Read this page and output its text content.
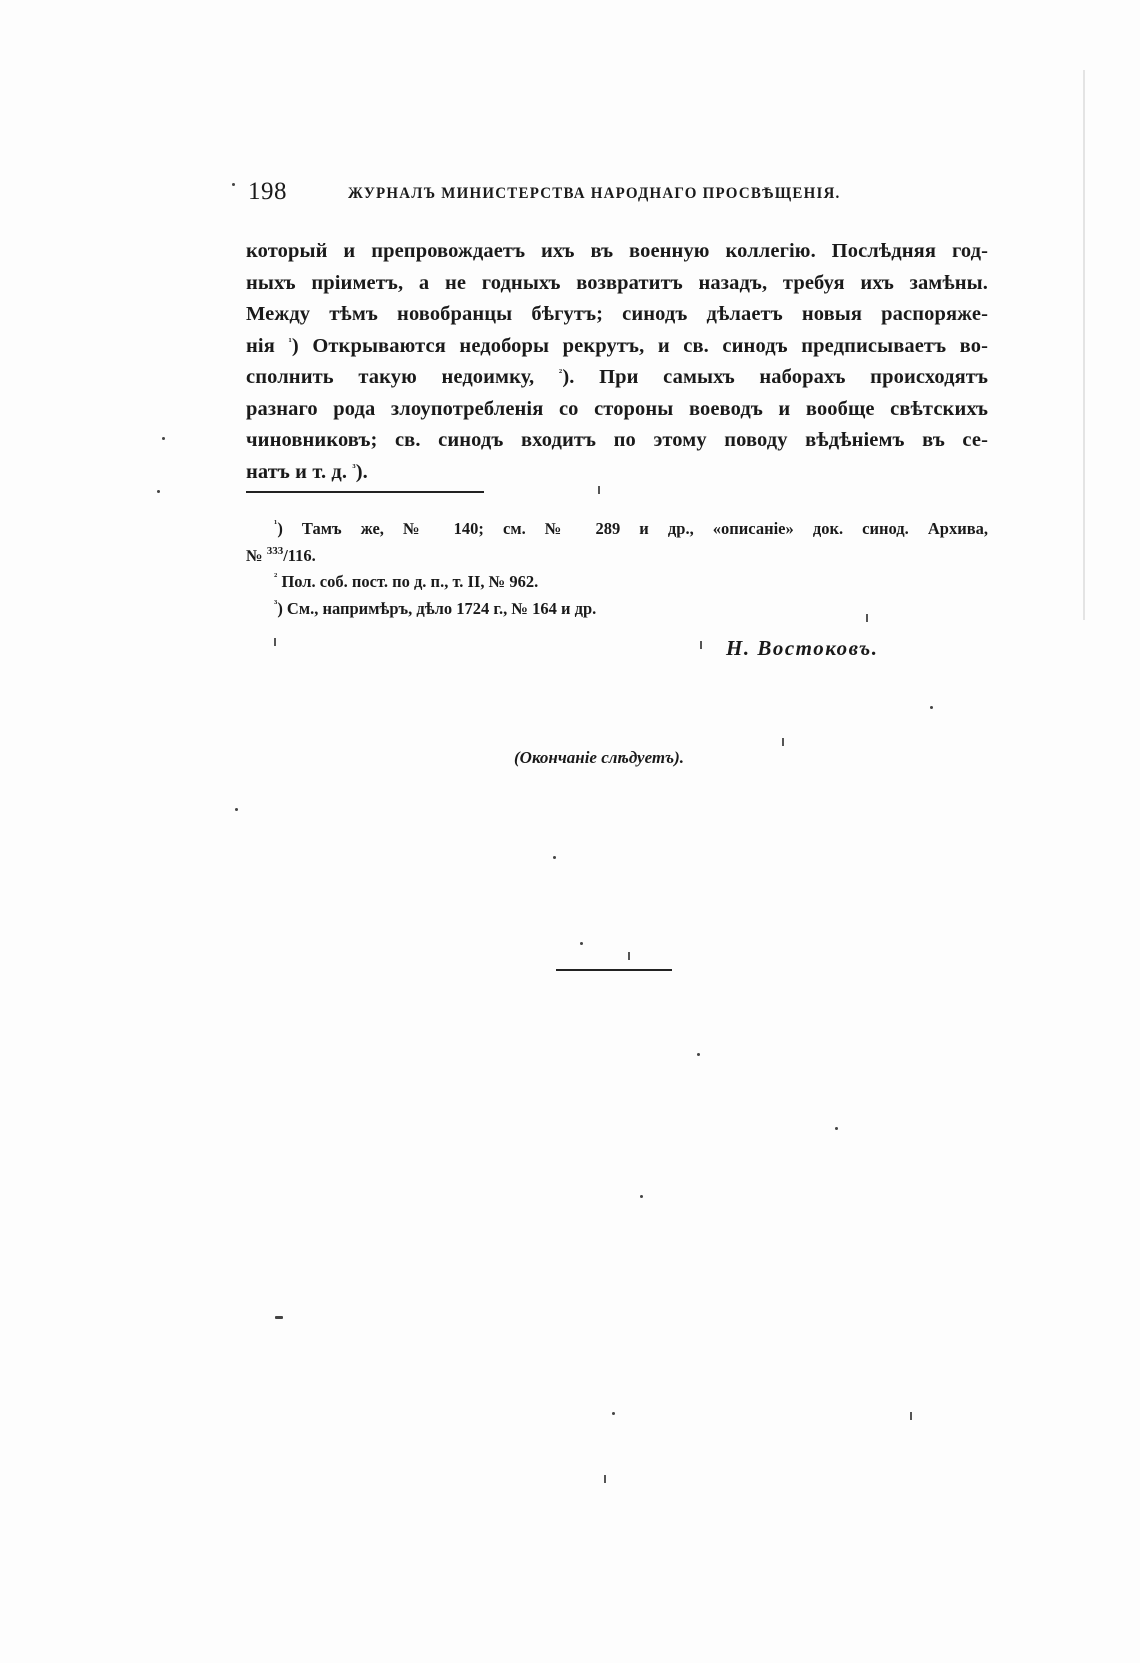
198	ЖУРНАЛЪ МИНИСТЕРСТВА НАРОДНАГО ПРОСВѢЩЕНІЯ.
который и препровождаетъ ихъ въ военную коллегію. Послѣдняя год-
ныхъ пріиметъ, а не годныхъ возвратитъ назадъ, требуя ихъ замѣны.
Между тѣмъ новобранцы бѣгутъ; синодъ дѣлаетъ новыя распоряже-
нія $^{^1}$) Открываются недоборы рекрутъ, и св. синодъ предписываетъ во-
сполнить такую недоимку, $^{^2}$). При самыхъ наборахъ происходятъ
разнаго рода злоупотребленія со стороны воеводъ и вообще свѣтскихъ
чиновниковъ; св. синодъ входитъ по этому поводу вѣдѣніемъ въ се-
натъ и т. д. $^{^3}$).
$^{^1}$) Тамъ же, № 140; см. № 289 и др., «описаніе» док. синод. Архива,
№ $^{333}$/116.
$^{^2}$ Пол. соб. пост. по д. п., т. II, № 962.
$^{^3}$) См., напримѣръ, дѣло 1724 г., № 164 и др.
Н. Востоковъ.
(Окончаніе слѣдуетъ).
